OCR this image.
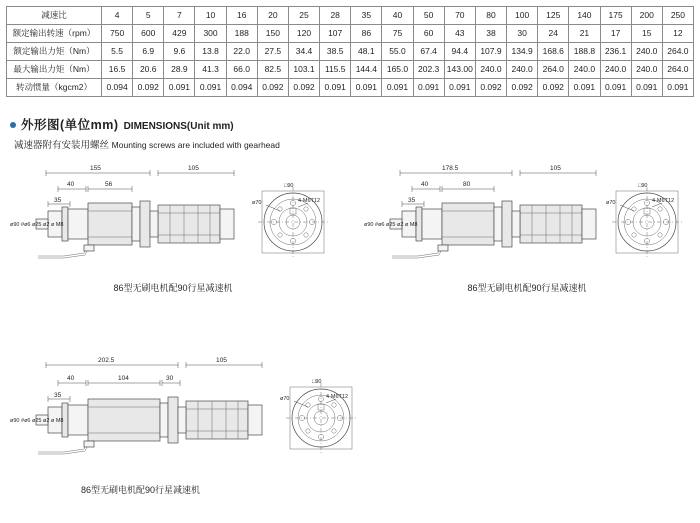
减速比	4	5	7	10	16	20	25	28	35	40	50	70	80	100	125	140	175	200	250
额定输出转速（rpm）	750	600	429	300	188	150	120	107	86	75	60	43	38	30	24	21	17	15	12
额定输出力矩（Nm）	5.5	6.9	9.6	13.8	22.0	27.5	34.4	38.5	48.1	55.0	67.4	94.4	107.9	134.9	168.6	188.8	236.1	240.0	264.0
最大输出力矩（Nm）	16.5	20.6	28.9	41.3	66.0	82.5	103.1	115.5	144.4	165.0	202.3	143.00	240.0	240.0	264.0	240.0	240.0	240.0	264.0
转动惯量（kgcm2）	0.094	0.092	0.091	0.091	0.094	0.092	0.092	0.091	0.091	0.091	0.091	0.091	0.092	0.092	0.092	0.091	0.091	0.091	0.091
外形图(单位mm) DIMENSIONS(Unit mm)
减速器附有安装用螺丝 Mounting screws are included with gearhead
155	105
40	56
35
ø90 #ø6 ø25 ø2 ø M8
□90
ø70	4-M6T12
86型无刷电机配90行星减速机
178.5	105
40	80
35
ø90 #ø6 ø25 ø2 ø M8
□90
ø70	4-M6T12
86型无刷电机配90行星减速机
202.5	105
40	104	30
35
ø90 #ø6 ø25 ø2 ø M8
□90
ø70	4-M6T12
86型无刷电机配90行星减速机
